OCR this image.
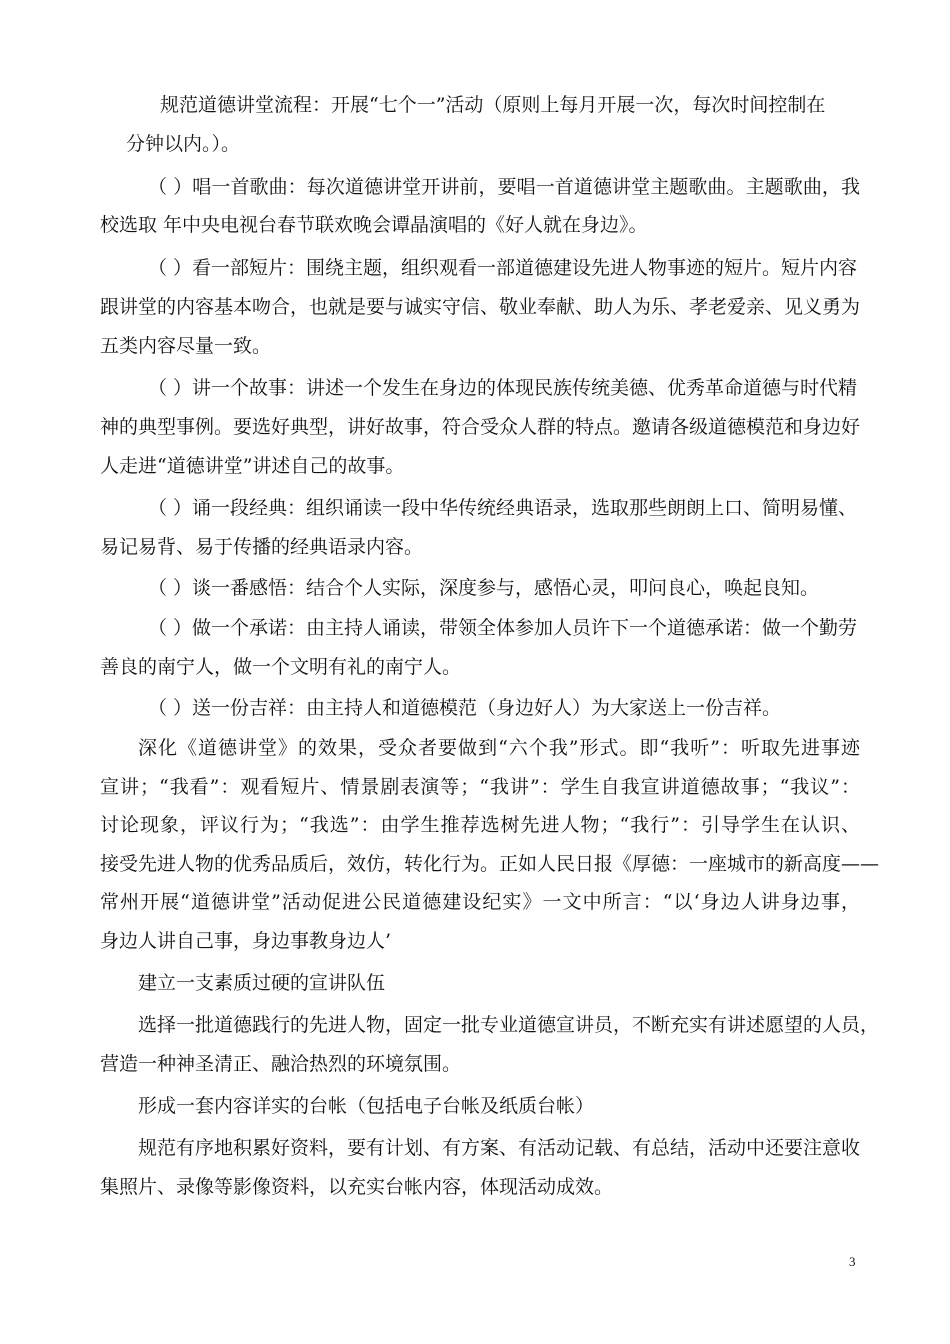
规范道德讲堂流程：开展“七个一”活动（原则上每月开展一次，每次时间控制在
分钟以内。）。
（ ）唱一首歌曲：每次道德讲堂开讲前，要唱一首道德讲堂主题歌曲。主题歌曲，我
校选取 年中央电视台春节联欢晚会谭晶演唱的《好人就在身边》。
（ ）看一部短片：围绕主题，组织观看一部道德建设先进人物事迹的短片。短片内容
跟讲堂的内容基本吻合，也就是要与诚实守信、敬业奉献、助人为乐、孝老爱亲、见义勇为
五类内容尽量一致。
（ ）讲一个故事：讲述一个发生在身边的体现民族传统美德、优秀革命道德与时代精
神的典型事例。要选好典型，讲好故事，符合受众人群的特点。邀请各级道德模范和身边好
人走进“道德讲堂”讲述自己的故事。
（ ）诵一段经典：组织诵读一段中华传统经典语录，选取那些朗朗上口、简明易懂、
易记易背、易于传播的经典语录内容。
（ ）谈一番感悟：结合个人实际，深度参与，感悟心灵，叩问良心，唤起良知。
（ ）做一个承诺：由主持人诵读，带领全体参加人员许下一个道德承诺：做一个勤劳
善良的南宁人，做一个文明有礼的南宁人。
（ ）送一份吉祥：由主持人和道德模范（身边好人）为大家送上一份吉祥。
深化《道德讲堂》的效果，受众者要做到“六个我”形式。即“我听”：听取先进事迹
宣讲；“我看”：观看短片、情景剧表演等；“我讲”：学生自我宣讲道德故事；“我议”：
讨论现象，评议行为；“我选”：由学生推荐选树先进人物；“我行”：引导学生在认识、
接受先进人物的优秀品质后，效仿，转化行为。正如人民日报《厚德：一座城市的新高度——
常州开展“道德讲堂”活动促进公民道德建设纪实》一文中所言：“以‘身边人讲身边事，
身边人讲自己事，身边事教身边人’
建立一支素质过硬的宣讲队伍
选择一批道德践行的先进人物，固定一批专业道德宣讲员，不断充实有讲述愿望的人员，
营造一种神圣清正、融洽热烈的环境氛围。
形成一套内容详实的台帐（包括电子台帐及纸质台帐）
规范有序地积累好资料，要有计划、有方案、有活动记载、有总结，活动中还要注意收
集照片、录像等影像资料，以充实台帐内容，体现活动成效。
3
